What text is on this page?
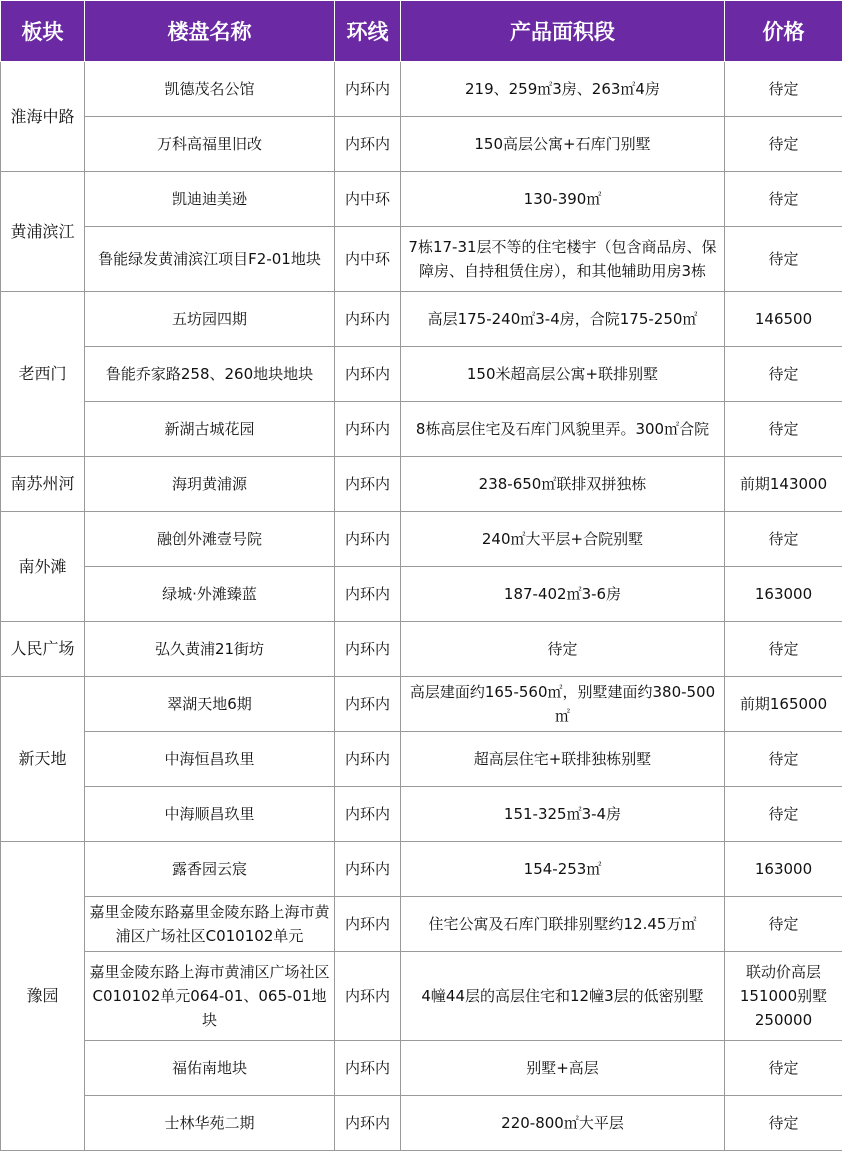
板块	楼盘名称	环线	产品面积段	价格
淮海中路	凯德茂名公馆	内环内	219、259㎡3房、263㎡4房	待定
	万科高福里旧改	内环内	150高层公寓+石库门别墅	待定
黄浦滨江	凯迪迪美逊	内中环	130-390㎡	待定
	鲁能绿发黄浦滨江项目F2-01地块	内中环	7栋17-31层不等的住宅楼宇（包含商品房、保障房、自持租赁住房），和其他辅助用房3栋	待定
老西门	五坊园四期	内环内	高层175-240㎡3-4房，合院175-250㎡	146500
	鲁能乔家路258、260地块地块	内环内	150米超高层公寓+联排别墅	待定
	新湖古城花园	内环内	8栋高层住宅及石库门风貌里弄。300㎡合院	待定
南苏州河	海玥黄浦源	内环内	238-650㎡联排双拼独栋	前期143000
南外滩	融创外滩壹号院	内环内	240㎡大平层+合院别墅	待定
	绿城·外滩臻蓝	内环内	187-402㎡3-6房	163000
人民广场	弘久黄浦21街坊	内环内	待定	待定
新天地	翠湖天地6期	内环内	高层建面约165-560㎡，别墅建面约380-500㎡	前期165000
	中海恒昌玖里	内环内	超高层住宅+联排独栋别墅	待定
	中海顺昌玖里	内环内	151-325㎡3-4房	待定
豫园	露香园云宸	内环内	154-253㎡	163000
	嘉里金陵东路嘉里金陵东路上海市黄浦区广场社区C010102单元	内环内	住宅公寓及石库门联排别墅约12.45万㎡	待定
	嘉里金陵东路上海市黄浦区广场社区C010102单元064-01、065-01地块	内环内	4幢44层的高层住宅和12幢3层的低密别墅	联动价高层151000别墅250000
	福佑南地块	内环内	别墅+高层	待定
	士林华苑二期	内环内	220-800㎡大平层	待定
